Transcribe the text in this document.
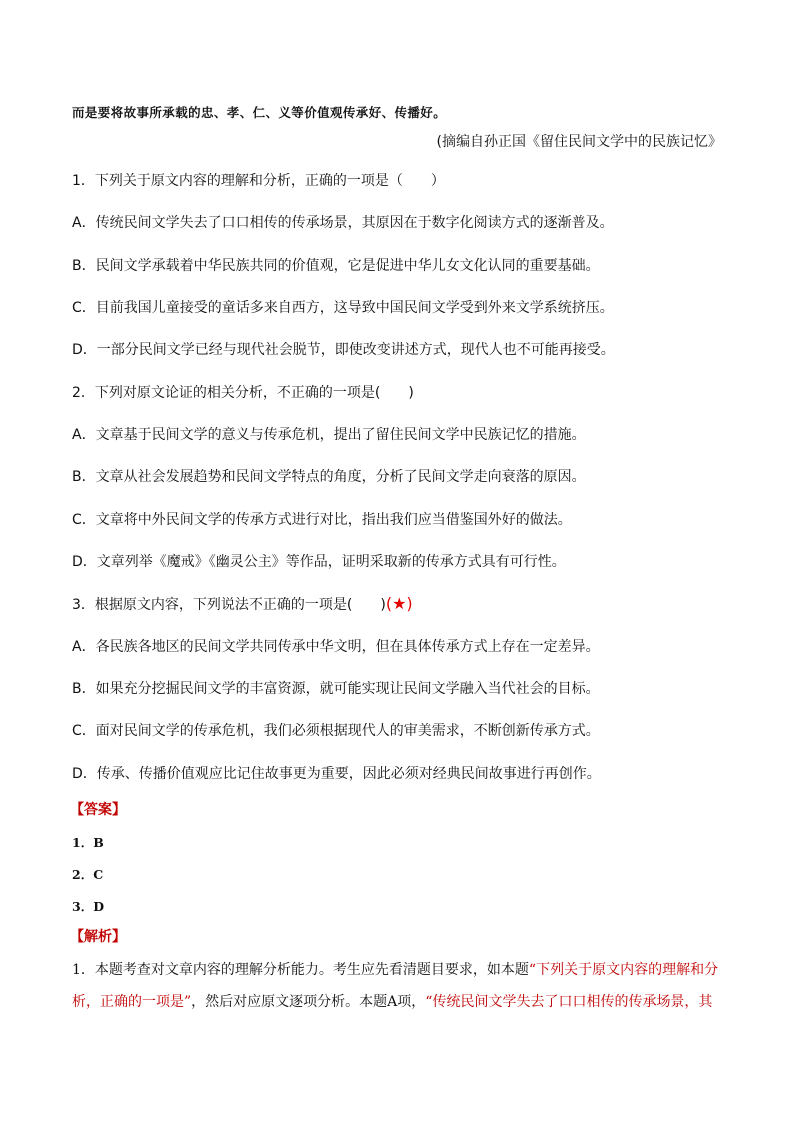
而是要将故事所承载的忠、孝、仁、义等价值观传承好、传播好。
(摘编自孙正国《留住民间文学中的民族记忆》
1．下列关于原文内容的理解和分析，正确的一项是（　　）
A．传统民间文学失去了口口相传的传承场景，其原因在于数字化阅读方式的逐渐普及。
B．民间文学承载着中华民族共同的价值观，它是促进中华儿女文化认同的重要基础。
C．目前我国儿童接受的童话多来自西方，这导致中国民间文学受到外来文学系统挤压。
D．一部分民间文学已经与现代社会脱节，即使改变讲述方式，现代人也不可能再接受。
2．下列对原文论证的相关分析，不正确的一项是(　　)
A．文章基于民间文学的意义与传承危机，提出了留住民间文学中民族记忆的措施。
B．文章从社会发展趋势和民间文学特点的角度，分析了民间文学走向衰落的原因。
C．文章将中外民间文学的传承方式进行对比，指出我们应当借鉴国外好的做法。
D．文章列举《魔戒》《幽灵公主》等作品，证明采取新的传承方式具有可行性。
3．根据原文内容，下列说法不正确的一项是(　　)(★)
A．各民族各地区的民间文学共同传承中华文明，但在具体传承方式上存在一定差异。
B．如果充分挖掘民间文学的丰富资源，就可能实现让民间文学融入当代社会的目标。
C．面对民间文学的传承危机，我们必须根据现代人的审美需求，不断创新传承方式。
D．传承、传播价值观应比记住故事更为重要，因此必须对经典民间故事进行再创作。
【答案】
1．B
2．C
3．D
【解析】
1．本题考查对文章内容的理解分析能力。考生应先看清题目要求，如本题“下列关于原文内容的理解和分
析，正确的一项是”，然后对应原文逐项分析。本题A项，“传统民间文学失去了口口相传的传承场景，其
